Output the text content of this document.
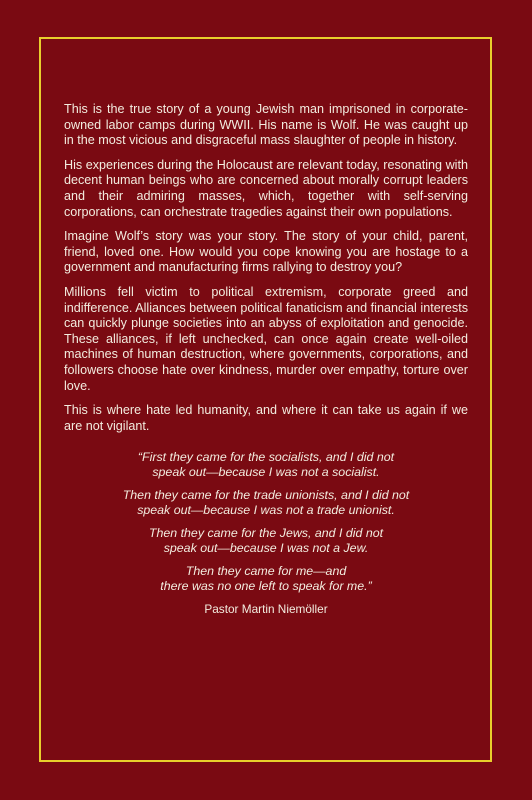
This is the true story of a young Jewish man imprisoned in corporate-owned labor camps during WWII. His name is Wolf. He was caught up in the most vicious and disgraceful mass slaughter of people in history.

His experiences during the Holocaust are relevant today, resonating with decent human beings who are concerned about morally corrupt leaders and their admiring masses, which, together with self-serving corporations, can orchestrate tragedies against their own populations.

Imagine Wolf’s story was your story. The story of your child, parent, friend, loved one. How would you cope knowing you are hostage to a government and manufacturing firms rallying to destroy you?

Millions fell victim to political extremism, corporate greed and indifference. Alliances between political fanaticism and financial interests can quickly plunge societies into an abyss of exploitation and genocide. These alliances, if left unchecked, can once again create well-oiled machines of human destruction, where governments, corporations, and followers choose hate over kindness, murder over empathy, torture over love.

This is where hate led humanity, and where it can take us again if we are not vigilant.

“First they came for the socialists, and I did not
speak out—because I was not a socialist.

Then they came for the trade unionists, and I did not
speak out—because I was not a trade unionist.

Then they came for the Jews, and I did not
speak out—because I was not a Jew.

Then they came for me—and
there was no one left to speak for me.”

Pastor Martin Niemöller
